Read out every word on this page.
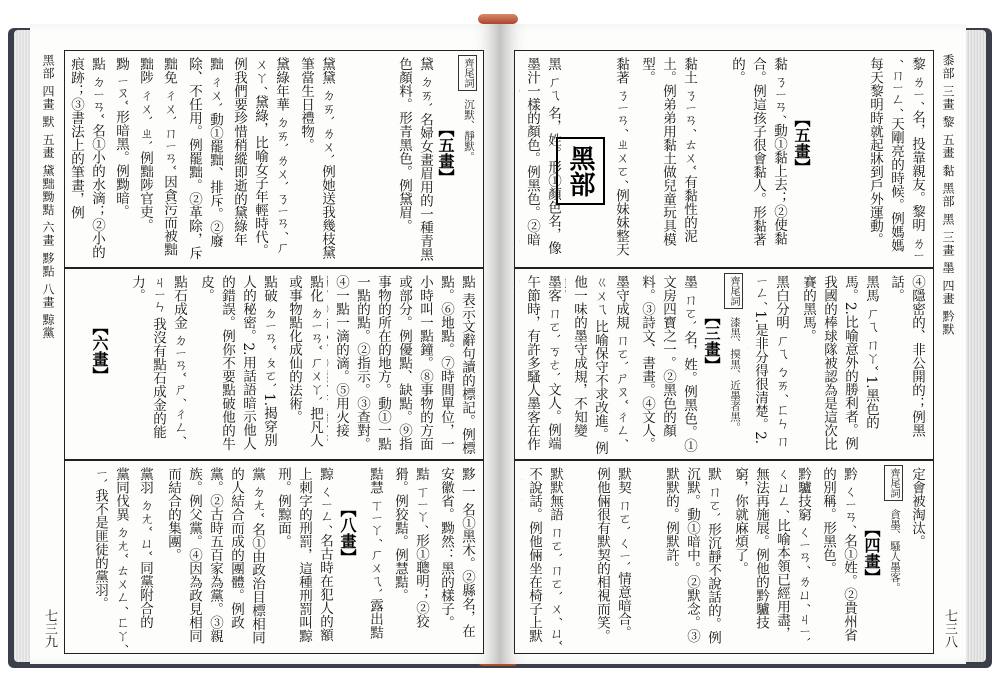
黑部 四畫 默 五畫 黛黜黝黠 六畫 黟點 八畫 黥黨
七三九
齊尾詞
沉默、靜默。
【五畫】
黛 ㄉㄞˋ 名婦女畫眉用的一種青黑色顏料。形青黑色。例黛眉。
黛黛 ㄉㄞˋ ㄌㄨˋ 例她送我幾枝黛筆當生日禮物。
黛綠年華 ㄉㄞˋ ㄌㄨˋ ㄋㄧㄢˊ ㄏㄨㄚˊ 黛綠，比喻女子年輕時代。例我們要珍惜稍縱即逝的黛綠年
黜 ㄔㄨˋ 動①罷黜、排斥。②廢除、不任用。例罷黜。②革除，斥
黜免 ㄔㄨˋ ㄇㄧㄢˇ 因貪污而被黜
黜陟 ㄔㄨˋ ㄓˋ 例黜陟官吏。
黝 ㄧㄡˇ 形暗黑。例黝暗。
點 ㄉㄧㄢˇ 名①小的水滴；②小的痕跡；③書法上的筆畫，例
點 表示文辭句讀的標記。例標點。⑥地點。⑦時間單位，一小時叫一點鐘。⑧事物的方面或部分。例優點、缺點。⑨指事物的所在的地方。動①一點一點的點。②指示。③查對。④一點一滴的滴。⑤用火接
點化 ㄉㄧㄢˇ ㄏㄨㄚˋ 把凡人或事物點化成仙的法術。
點破 ㄉㄧㄢˇ ㄆㄛˋ 1.揭穿別人的秘密。2.用話語暗示他人的錯誤。例你不要點破他的牛皮。
點石成金 ㄉㄧㄢˇ ㄕˊ ㄔㄥˊ ㄐㄧㄣ 我沒有點石成金的能力。
【六畫】
黟 一 名①黑木。②縣名，在安徽省。黝然：黑的樣子。
黠 ㄒㄧㄚˊ 形①聰明；②狡猾。例狡黠。例慧黠。
黠慧 ㄒㄧㄚˊ ㄏㄨㄟˋ 露出黠
【八畫】
黥 ㄑㄧㄥˊ 名古時在犯人的額上刺字的刑罰，這種刑罰叫黥刑。例黥面。
黨 ㄉㄤˇ 名①由政治目標相同的人結合而成的團體。例政黨。②古時五百家為黨。③親族。例父黨。④因為政見相同而結合的集團。
黨羽 ㄉㄤˇ ㄩˇ 同黨附合的
黨同伐異 ㄉㄤˇ ㄊㄨㄥˊ ㄈㄚˊ ㄧˋ 我不是匪徒的黨羽。
黍部 三畫 黎 五畫 黏 黑部 黑 三畫 墨 四畫 黔默
七三八
黎 ㄌㄧˊ 名，投靠親友。黎明 ㄌㄧˊ ㄇㄧㄥˊ 天剛亮的時候。例媽媽每天黎明時就起牀到戶外運動。
【五畫】
黏 ㄋㄧㄢˊ 動①黏上去；②使黏合。例這孩子很會黏人。形黏著的。
黏土 ㄋㄧㄢˊ ㄊㄨˇ 有黏性的泥土。例弟弟用黏土做兒童玩具模型。
黏著 ㄋㄧㄢˊ ㄓㄨㄛˊ 例妹妹整天
黑部
黑 ㄏㄟ 名，姓。形①顏色名，像墨汁一樣的顏色。例黑色。②暗
④隱密的、非公開的；例黑話。
黑馬 ㄏㄟ ㄇㄚˇ 1.黑色的馬。2.比喻意外的勝利者。例我國的棒球隊被認為是這次比賽的黑馬。
黑白分明 ㄏㄟ ㄅㄞˊ ㄈㄣ ㄇㄧㄥˊ 1.是非分得很清楚。2.
齊尾詞
漆黑、摸黑、近墨者黑。
【三畫】
墨 ㄇㄛˋ 名，姓。例黑色。①文房四寶之一。②黑色的顏料。③詩文、書畫。④文人。
墨守成規 ㄇㄛˋ ㄕㄡˇ ㄔㄥˊ ㄍㄨㄟ 比喻保守不求改進。例他一味的墨守成規，不知變
墨客 ㄇㄛˋ ㄎㄜˋ 文人。例端午節時，有許多騷人墨客在作
定會被淘汰。
齊尾詞
貪墨、騷人墨客。
【四畫】
黔 ㄑㄧㄢˊ 名①姓。②貴州省的別稱。形黑色。
黔驢技窮 ㄑㄧㄢˊ ㄌㄩˊ ㄐㄧˋ ㄑㄩㄥˊ 比喻本領已經用盡，無法再施展。例他的黔驢技窮，你就麻煩了。
默 ㄇㄛˋ 形沉靜不說話的。例沉默。動①暗中。②默念。③默默的。例默許。
默契 ㄇㄛˋ ㄑㄧˋ 情意暗合。例他倆很有默契的相視而笑。
默默無語 ㄇㄛˋ ㄇㄛˋ ㄨˊ ㄩˇ 不說話。例他倆坐在椅子上默
